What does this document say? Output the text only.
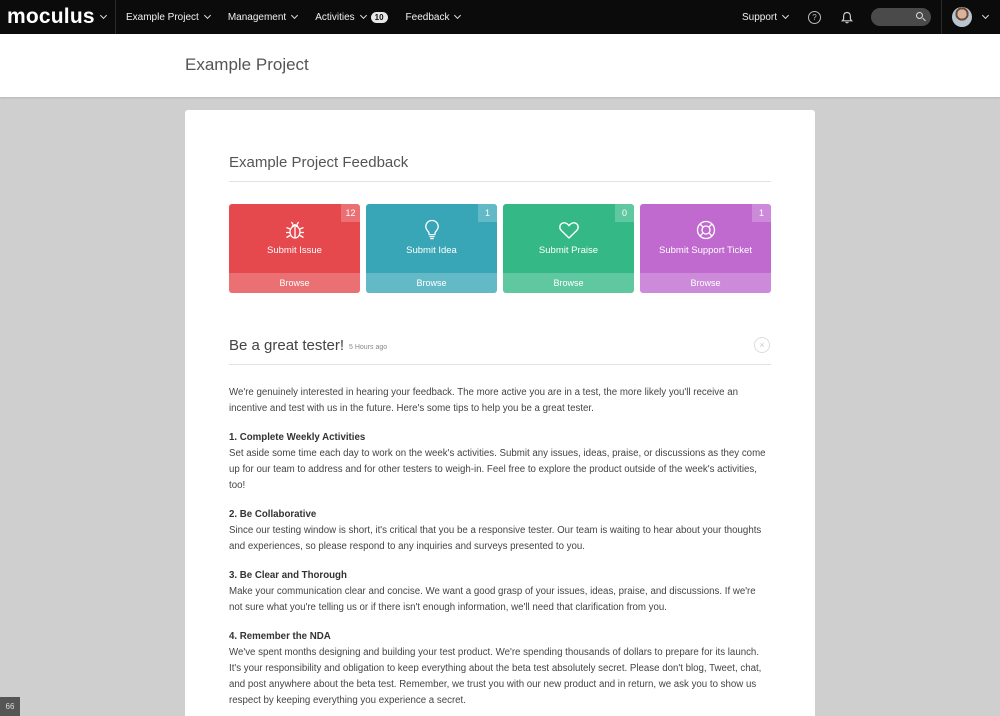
moculus	Example Project	Management	Activities	10	Feedback	Support	?
Example Project
Example Project Feedback
12
Submit Issue
Browse
1
Submit Idea
Browse
0
Submit Praise
Browse
1
Submit Support Ticket
Browse
Be a great tester! 5 Hours ago	×

We're genuinely interested in hearing your feedback. The more active you are in a test, the more likely you'll receive an incentive and test with us in the future. Here's some tips to help you be a great tester.

1. Complete Weekly Activities
Set aside some time each day to work on the week's activities. Submit any issues, ideas, praise, or discussions as they come up for our team to address and for other testers to weigh-in. Feel free to explore the product outside of the week's activities, too!

2. Be Collaborative
Since our testing window is short, it's critical that you be a responsive tester. Our team is waiting to hear about your thoughts and experiences, so please respond to any inquiries and surveys presented to you.

3. Be Clear and Thorough
Make your communication clear and concise. We want a good grasp of your issues, ideas, praise, and discussions. If we're not sure what you're telling us or if there isn't enough information, we'll need that clarification from you.

4. Remember the NDA
We've spent months designing and building your test product. We're spending thousands of dollars to prepare for its launch. It's your responsibility and obligation to keep everything about the beta test absolutely secret. Please don't blog, Tweet, chat, and post anywhere about the beta test. Remember, we trust you with our new product and in return, we ask you to show us respect by keeping everything you experience a secret.

66
